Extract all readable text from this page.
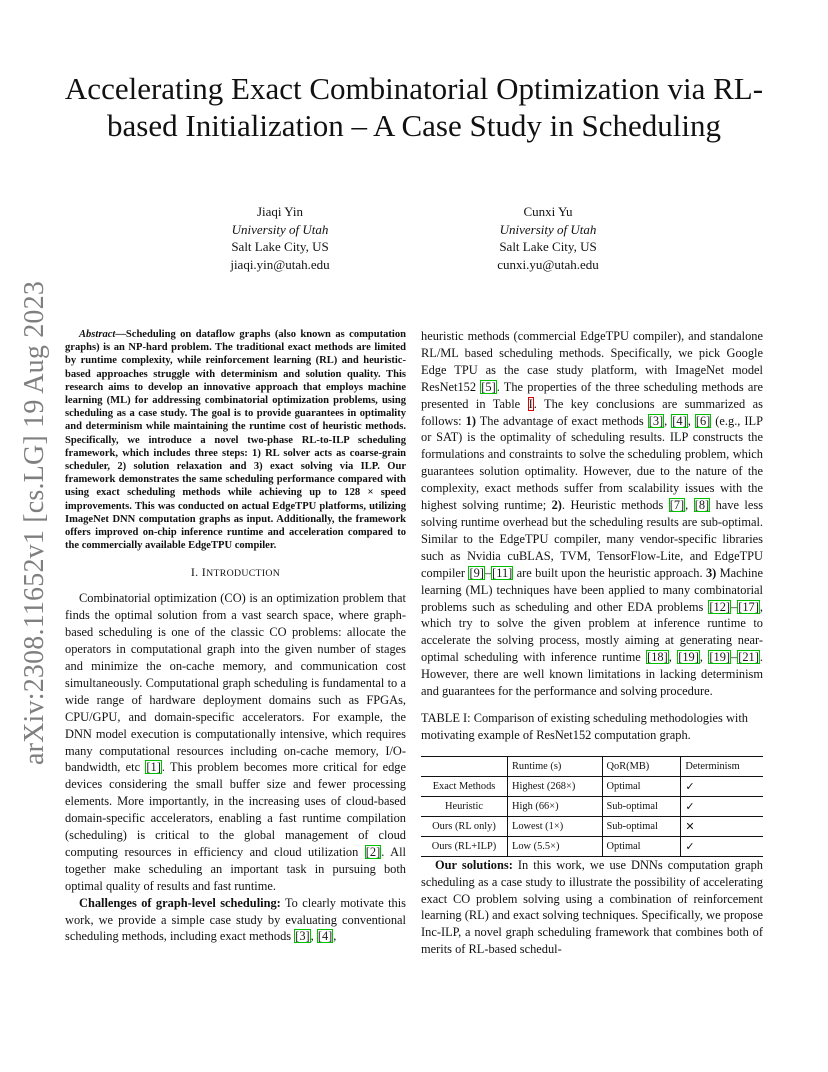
arXiv:2308.11652v1 [cs.LG] 19 Aug 2023
Accelerating Exact Combinatorial Optimization via RL-based Initialization – A Case Study in Scheduling
Jiaqi Yin
University of Utah
Salt Lake City, US
jiaqi.yin@utah.edu
Cunxi Yu
University of Utah
Salt Lake City, US
cunxi.yu@utah.edu

Abstract—Scheduling on dataflow graphs (also known as computation graphs) is an NP-hard problem. The traditional exact methods are limited by runtime complexity, while reinforcement learning (RL) and heuristic-based approaches struggle with determinism and solution quality. This research aims to develop an innovative approach that employs machine learning (ML) for addressing combinatorial optimization problems, using scheduling as a case study. The goal is to provide guarantees in optimality and determinism while maintaining the runtime cost of heuristic methods. Specifically, we introduce a novel two-phase RL-to-ILP scheduling framework, which includes three steps: 1) RL solver acts as coarse-grain scheduler, 2) solution relaxation and 3) exact solving via ILP. Our framework demonstrates the same scheduling performance compared with using exact scheduling methods while achieving up to 128 × speed improvements. This was conducted on actual EdgeTPU platforms, utilizing ImageNet DNN computation graphs as input. Additionally, the framework offers improved on-chip inference runtime and acceleration compared to the commercially available EdgeTPU compiler.

I. INTRODUCTION

Combinatorial optimization (CO) is an optimization problem that finds the optimal solution from a vast search space, where graph-based scheduling is one of the classic CO problems: allocate the operators in computational graph into the given number of stages and minimize the on-cache memory, and communication cost simultaneously. Computational graph scheduling is fundamental to a wide range of hardware deployment domains such as FPGAs, CPU/GPU, and domain-specific accelerators. For example, the DNN model execution is computationally intensive, which requires many computational resources including on-cache memory, I/O-bandwidth, etc [1]. This problem becomes more critical for edge devices considering the small buffer size and fewer processing elements. More importantly, in the increasing uses of cloud-based domain-specific accelerators, enabling a fast runtime compilation (scheduling) is critical to the global management of cloud computing resources in efficiency and cloud utilization [2]. All together make scheduling an important task in pursuing both optimal quality of results and fast runtime.

Challenges of graph-level scheduling: To clearly motivate this work, we provide a simple case study by evaluating conventional scheduling methods, including exact methods [3], [4],

heuristic methods (commercial EdgeTPU compiler), and standalone RL/ML based scheduling methods. Specifically, we pick Google Edge TPU as the case study platform, with ImageNet model ResNet152 [5]. The properties of the three scheduling methods are presented in Table I. The key conclusions are summarized as follows: 1) The advantage of exact methods [3], [4], [6] (e.g., ILP or SAT) is the optimality of scheduling results. ILP constructs the formulations and constraints to solve the scheduling problem, which guarantees solution optimality. However, due to the nature of the complexity, exact methods suffer from scalability issues with the highest solving runtime; 2). Heuristic methods [7], [8] have less solving runtime overhead but the scheduling results are sub-optimal. Similar to the EdgeTPU compiler, many vendor-specific libraries such as Nvidia cuBLAS, TVM, TensorFlow-Lite, and EdgeTPU compiler [9]–[11] are built upon the heuristic approach. 3) Machine learning (ML) techniques have been applied to many combinatorial problems such as scheduling and other EDA problems [12]–[17], which try to solve the given problem at inference runtime to accelerate the solving process, mostly aiming at generating near-optimal scheduling with inference runtime [18], [19], [19]–[21]. However, there are well known limitations in lacking determinism and guarantees for the performance and solving procedure.

TABLE I: Comparison of existing scheduling methodologies with motivating example of ResNet152 computation graph.
	Runtime (s)	QoR(MB)	Determinism
Exact Methods	Highest (268×)	Optimal	✓
Heuristic	High (66×)	Sub-optimal	✓
Ours (RL only)	Lowest (1×)	Sub-optimal	✕
Ours (RL+ILP)	Low (5.5×)	Optimal	✓

Our solutions: In this work, we use DNNs computation graph scheduling as a case study to illustrate the possibility of accelerating exact CO problem solving using a combination of reinforcement learning (RL) and exact solving techniques. Specifically, we propose Inc-ILP, a novel graph scheduling framework that combines both of merits of RL-based schedul-
